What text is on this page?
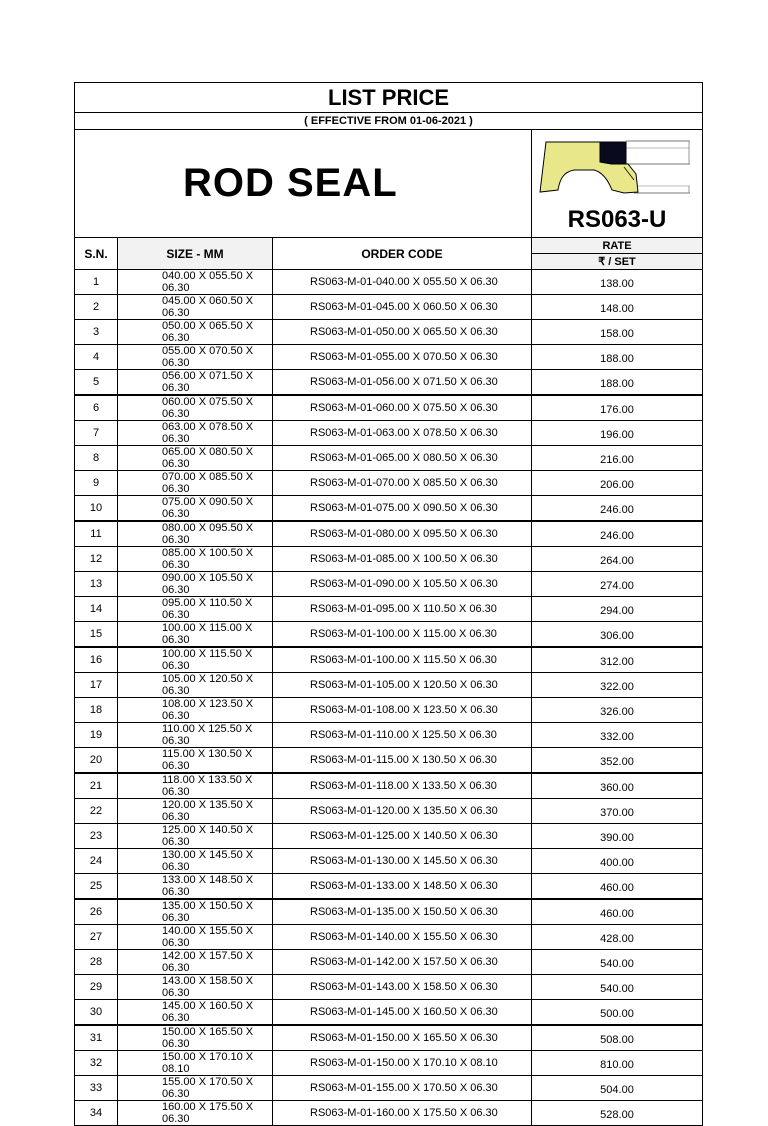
LIST PRICE			
( EFFECTIVE FROM 01-06-2021 )			
ROD SEAL			RS063-U

S.N.	SIZE - MM	ORDER CODE	RATE
			₹ / SET
1	040.00 X 055.50 X 06.30	RS063-M-01-040.00 X 055.50 X 06.30	138.00
2	045.00 X 060.50 X 06.30	RS063-M-01-045.00 X 060.50 X 06.30	148.00
3	050.00 X 065.50 X 06.30	RS063-M-01-050.00 X 065.50 X 06.30	158.00
4	055.00 X 070.50 X 06.30	RS063-M-01-055.00 X 070.50 X 06.30	188.00
5	056.00 X 071.50 X 06.30	RS063-M-01-056.00 X 071.50 X 06.30	188.00
6	060.00 X 075.50 X 06.30	RS063-M-01-060.00 X 075.50 X 06.30	176.00
7	063.00 X 078.50 X 06.30	RS063-M-01-063.00 X 078.50 X 06.30	196.00
8	065.00 X 080.50 X 06.30	RS063-M-01-065.00 X 080.50 X 06.30	216.00
9	070.00 X 085.50 X 06.30	RS063-M-01-070.00 X 085.50 X 06.30	206.00
10	075.00 X 090.50 X 06.30	RS063-M-01-075.00 X 090.50 X 06.30	246.00
11	080.00 X 095.50 X 06.30	RS063-M-01-080.00 X 095.50 X 06.30	246.00
12	085.00 X 100.50 X 06.30	RS063-M-01-085.00 X 100.50 X 06.30	264.00
13	090.00 X 105.50 X 06.30	RS063-M-01-090.00 X 105.50 X 06.30	274.00
14	095.00 X 110.50 X 06.30	RS063-M-01-095.00 X 110.50 X 06.30	294.00
15	100.00 X 115.00 X 06.30	RS063-M-01-100.00 X 115.00 X 06.30	306.00
16	100.00 X 115.50 X 06.30	RS063-M-01-100.00 X 115.50 X 06.30	312.00
17	105.00 X 120.50 X 06.30	RS063-M-01-105.00 X 120.50 X 06.30	322.00
18	108.00 X 123.50 X 06.30	RS063-M-01-108.00 X 123.50 X 06.30	326.00
19	110.00 X 125.50 X 06.30	RS063-M-01-110.00 X 125.50 X 06.30	332.00
20	115.00 X 130.50 X 06.30	RS063-M-01-115.00 X 130.50 X 06.30	352.00
21	118.00 X 133.50 X 06.30	RS063-M-01-118.00 X 133.50 X 06.30	360.00
22	120.00 X 135.50 X 06.30	RS063-M-01-120.00 X 135.50 X 06.30	370.00
23	125.00 X 140.50 X 06.30	RS063-M-01-125.00 X 140.50 X 06.30	390.00
24	130.00 X 145.50 X 06.30	RS063-M-01-130.00 X 145.50 X 06.30	400.00
25	133.00 X 148.50 X 06.30	RS063-M-01-133.00 X 148.50 X 06.30	460.00
26	135.00 X 150.50 X 06.30	RS063-M-01-135.00 X 150.50 X 06.30	460.00
27	140.00 X 155.50 X 06.30	RS063-M-01-140.00 X 155.50 X 06.30	428.00
28	142.00 X 157.50 X 06.30	RS063-M-01-142.00 X 157.50 X 06.30	540.00
29	143.00 X 158.50 X 06.30	RS063-M-01-143.00 X 158.50 X 06.30	540.00
30	145.00 X 160.50 X 06.30	RS063-M-01-145.00 X 160.50 X 06.30	500.00
31	150.00 X 165.50 X 06.30	RS063-M-01-150.00 X 165.50 X 06.30	508.00
32	150.00 X 170.10 X 08.10	RS063-M-01-150.00 X 170.10 X 08.10	810.00
33	155.00 X 170.50 X 06.30	RS063-M-01-155.00 X 170.50 X 06.30	504.00
34	160.00 X 175.50 X 06.30	RS063-M-01-160.00 X 175.50 X 06.30	528.00
